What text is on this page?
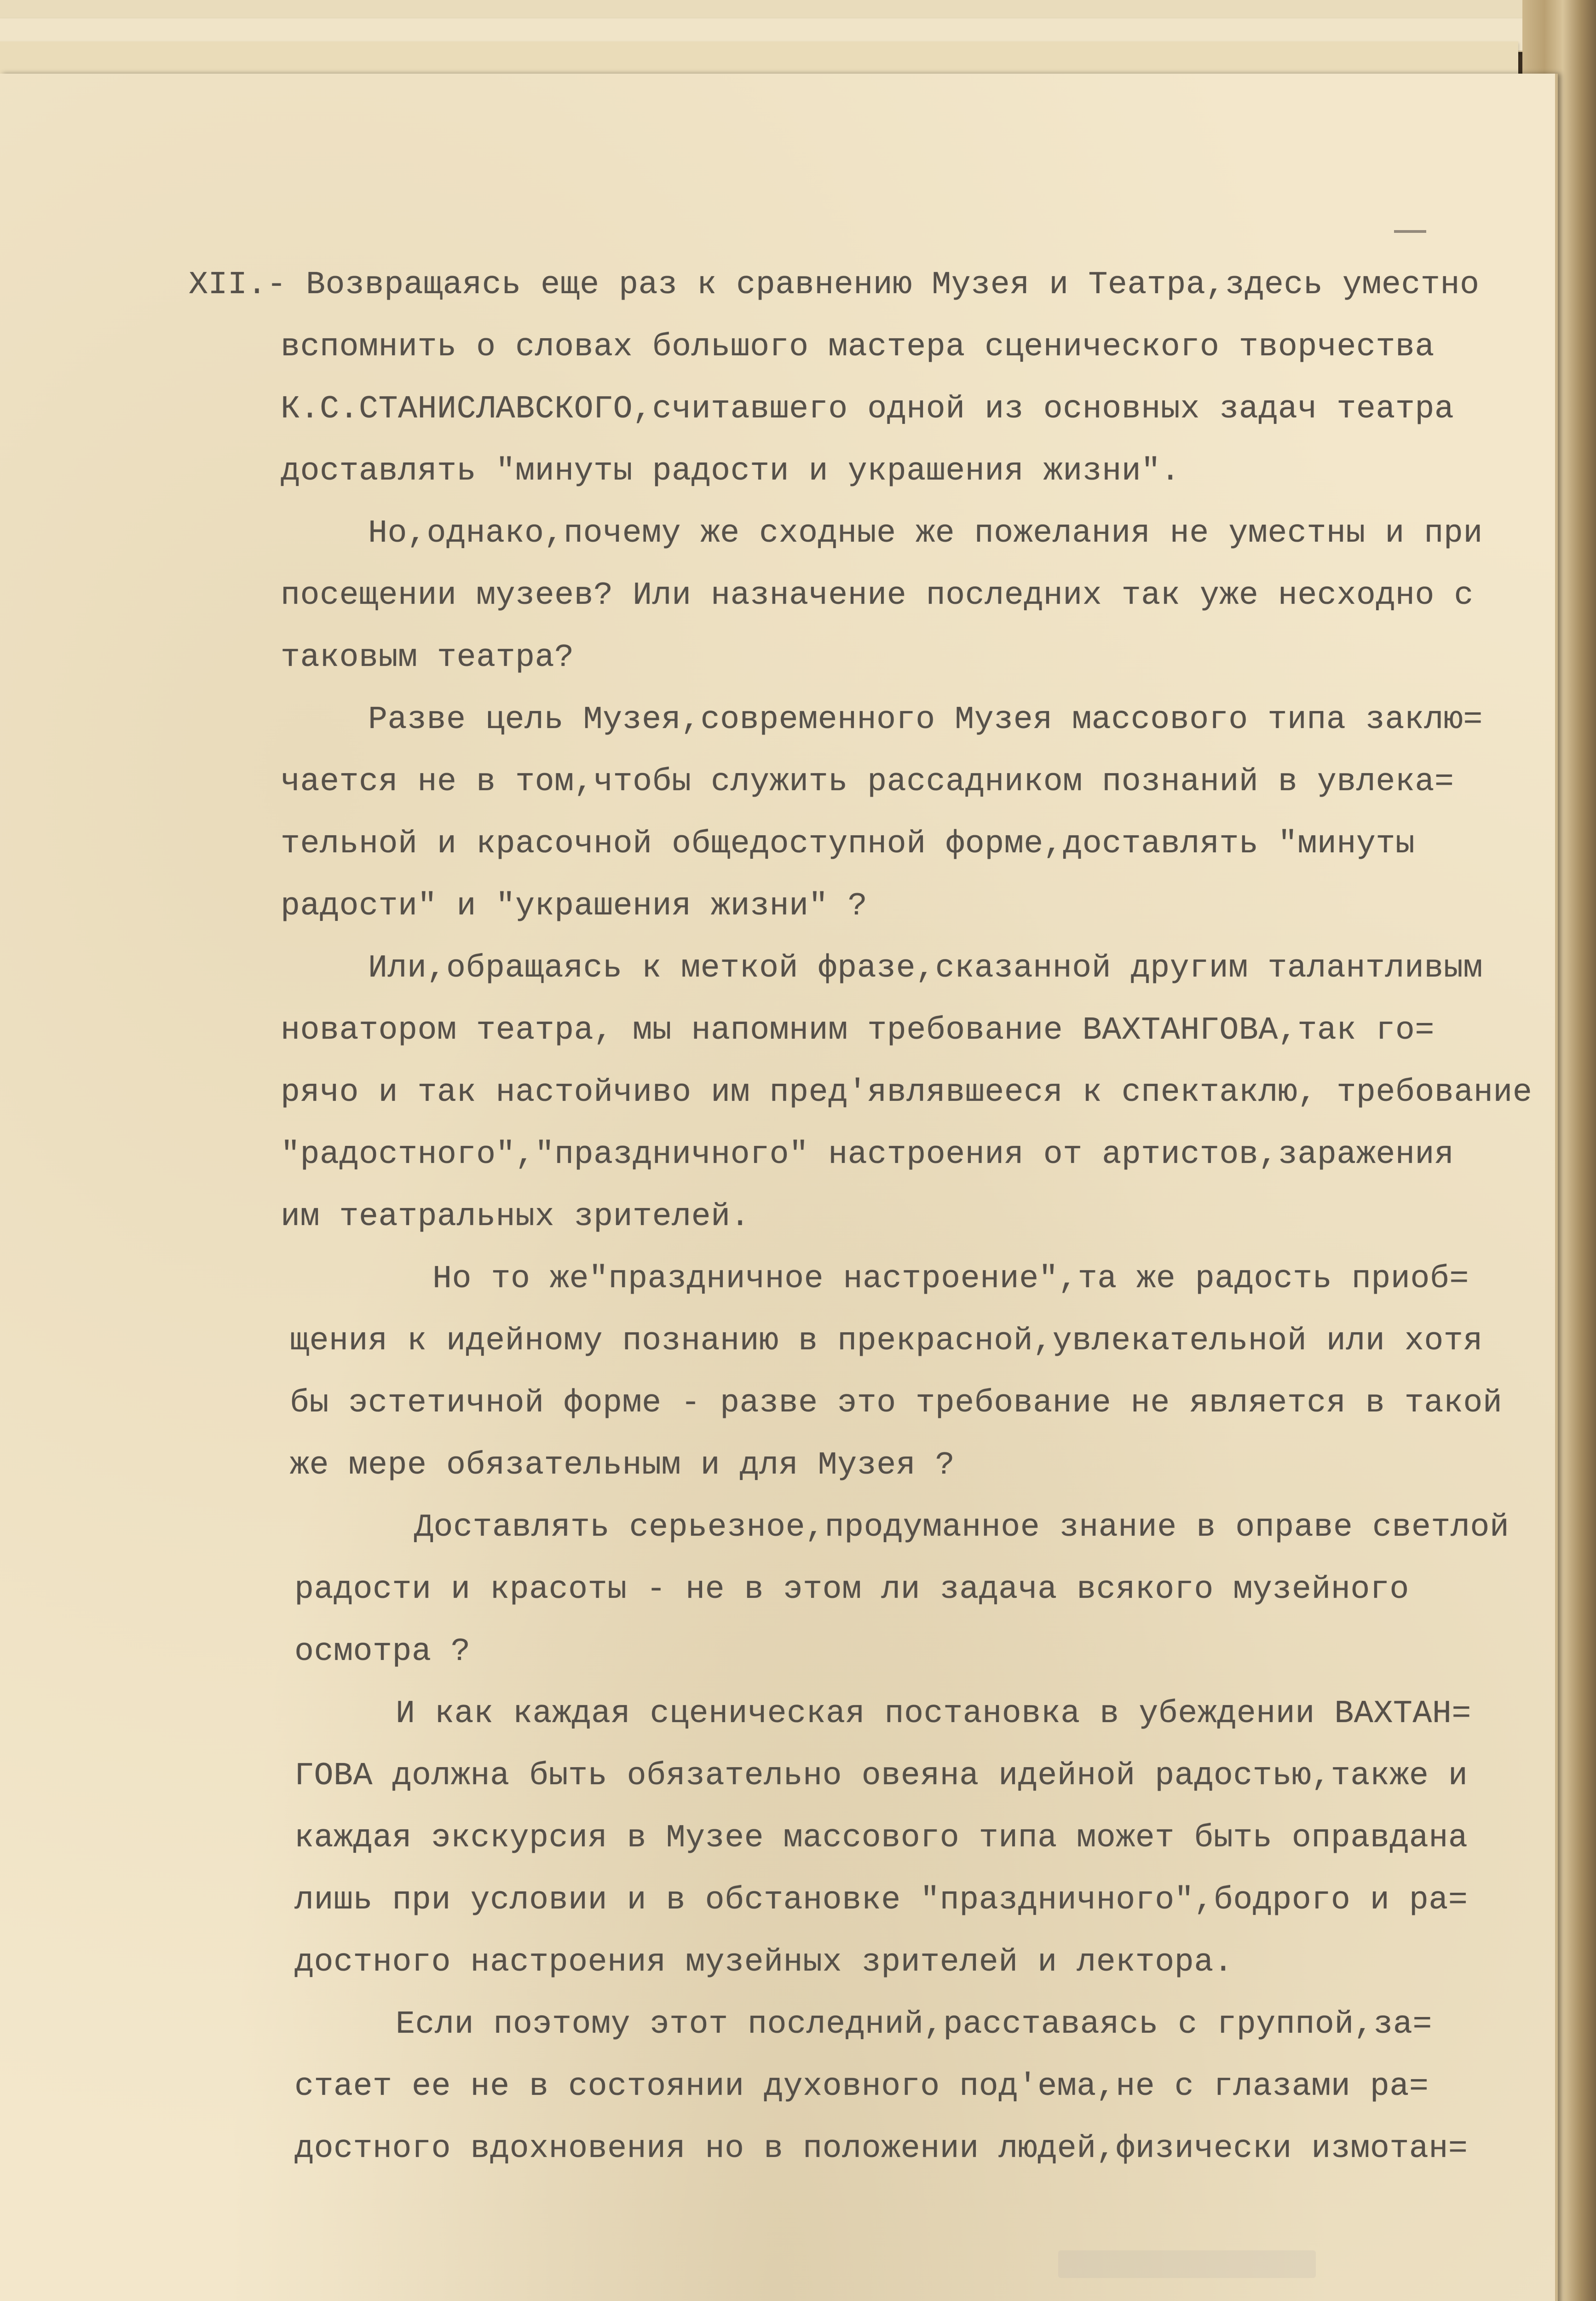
XII.- Возвращаясь еще раз к сравнению Музея и Театра,здесь уместно

вспомнить о словах большого мастера сценического творчества

К.С.СТАНИСЛАВСКОГО,считавшего одной из основных задач театра

доставлять "минуты радости и украшения жизни".

Но,однако,почему же сходные же пожелания не уместны и при

посещении музеев? Или назначение последних так уже несходно с

таковым театра?

Разве цель Музея,современного Музея массового типа заклю=

чается не в том,чтобы служить рассадником познаний в увлека=

тельной и красочной общедоступной форме,доставлять "минуты

радости" и "украшения жизни" ?

Или,обращаясь к меткой фразе,сказанной другим талантливым

новатором театра, мы напомним требование ВАХТАНГОВА,так го=

рячо и так настойчиво им пред'являвшееся к спектаклю, требование

"радостного","праздничного" настроения от артистов,заражения

им театральных зрителей.

Но то же"праздничное настроение",та же радость приоб=

щения к идейному познанию в прекрасной,увлекательной или хотя

бы эстетичной форме - разве это требование не является в такой

же мере обязательным и для Музея ?

Доставлять серьезное,продуманное знание в оправе светлой

радости и красоты - не в этом ли задача всякого музейного

осмотра ?

И как каждая сценическая постановка в убеждении ВАХТАН=

ГОВА должна быть обязательно овеяна идейной радостью,также и

каждая экскурсия в Музее массового типа может быть оправдана

лишь при условии и в обстановке "праздничного",бодрого и ра=

достного настроения музейных зрителей и лектора.

Если поэтому этот последний,расставаясь с группой,за=

стает ее не в состоянии духовного под'ема,не с глазами ра=

достного вдохновения но в положении людей,физически измотан=
